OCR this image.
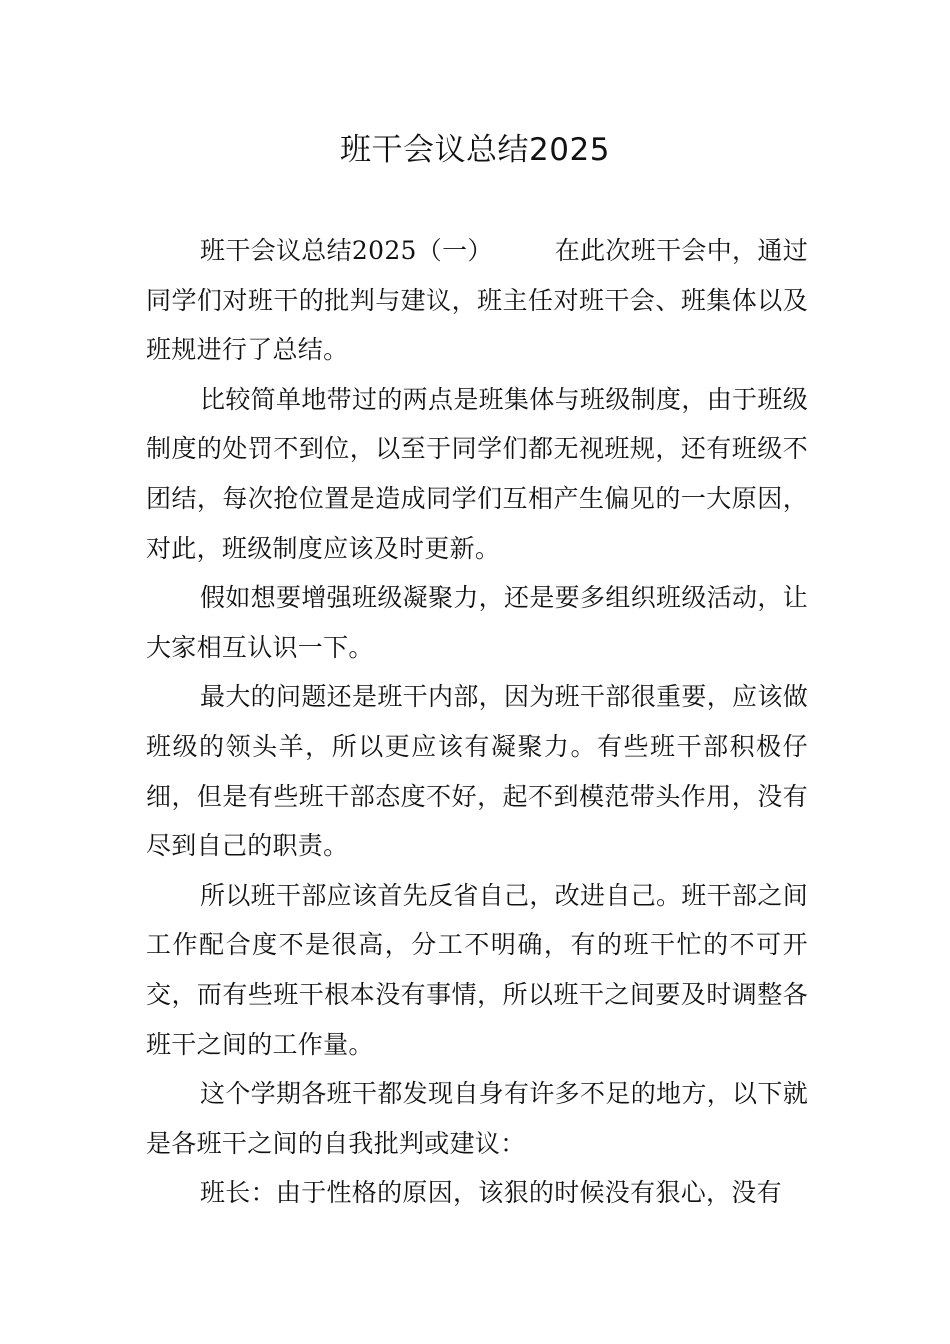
班干会议总结2025

班干会议总结2025（一） 在此次班干会中，通过同学们对班干的批判与建议，班主任对班干会、班集体以及班规进行了总结。

比较简单地带过的两点是班集体与班级制度，由于班级制度的处罚不到位，以至于同学们都无视班规，还有班级不团结，每次抢位置是造成同学们互相产生偏见的一大原因，对此，班级制度应该及时更新。

假如想要增强班级凝聚力，还是要多组织班级活动，让大家相互认识一下。

最大的问题还是班干内部，因为班干部很重要，应该做班级的领头羊，所以更应该有凝聚力。有些班干部积极仔细，但是有些班干部态度不好，起不到模范带头作用，没有尽到自己的职责。

所以班干部应该首先反省自己，改进自己。班干部之间工作配合度不是很高，分工不明确，有的班干忙的不可开交，而有些班干根本没有事情，所以班干之间要及时调整各班干之间的工作量。

这个学期各班干都发现自身有许多不足的地方，以下就是各班干之间的自我批判或建议：

班长：由于性格的原因，该狠的时候没有狠心，没有
